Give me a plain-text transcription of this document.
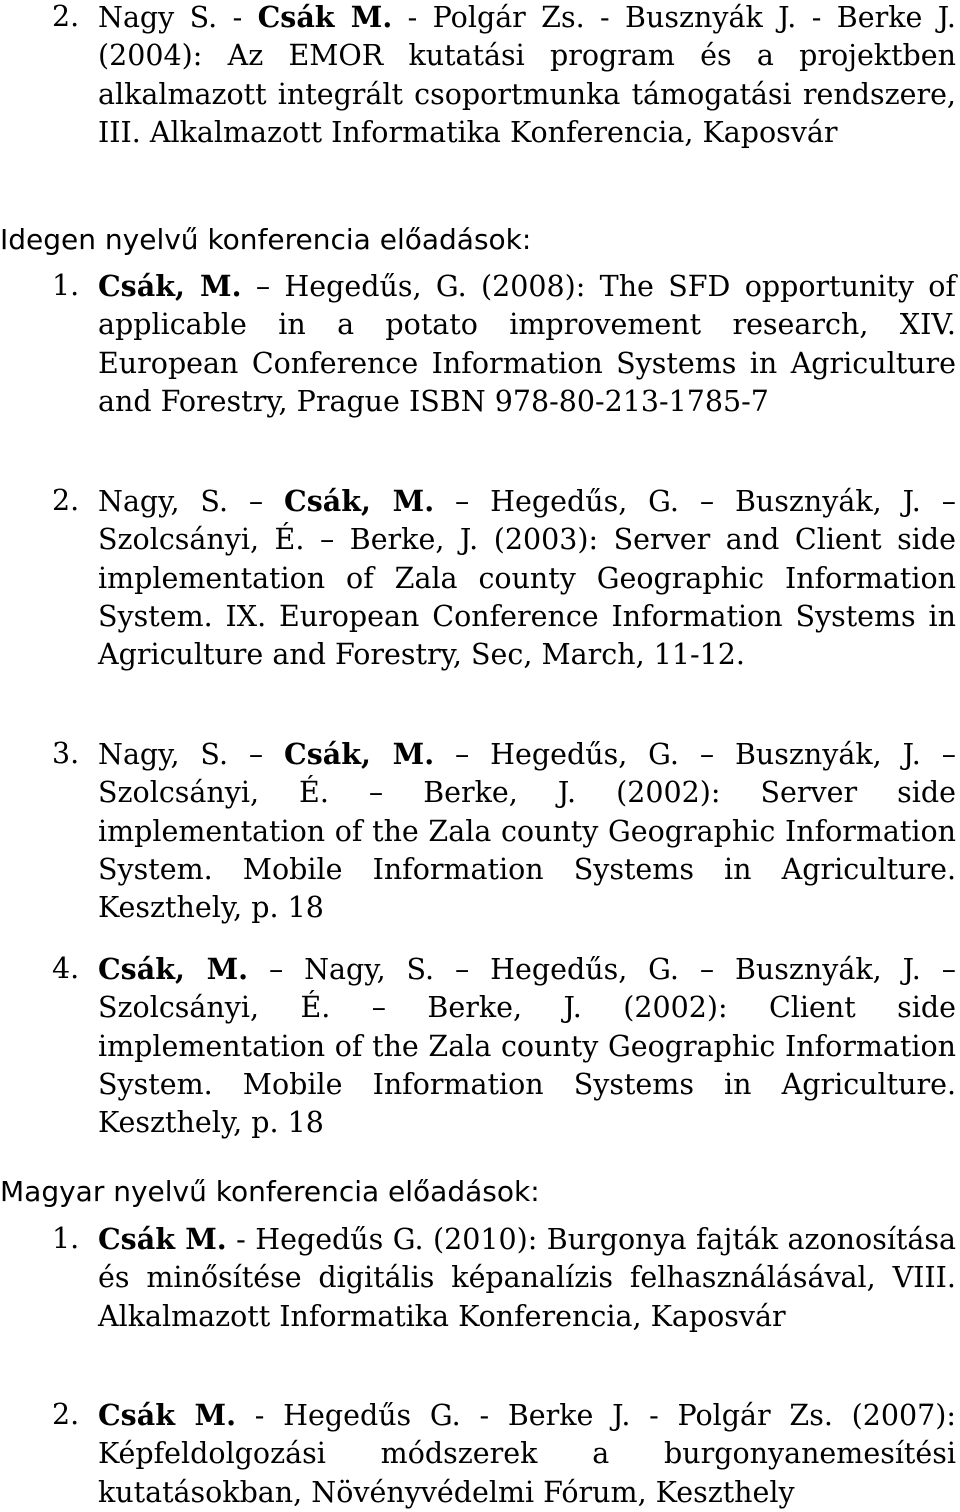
2. Nagy S. - Csák M. - Polgár Zs. - Busznyák J. - Berke J. (2004): Az EMOR kutatási program és a projektben alkalmazott integrált csoportmunka támogatási rendszere, III. Alkalmazott Informatika Konferencia, Kaposvár
Idegen nyelvű konferencia előadások:
1. Csák, M. – Hegedűs, G. (2008): The SFD opportunity of applicable in a potato improvement research, XIV. European Conference Information Systems in Agriculture and Forestry, Prague ISBN 978-80-213-1785-7
2. Nagy, S. – Csák, M. – Hegedűs, G. – Busznyák, J. – Szolcsányi, É. – Berke, J. (2003): Server and Client side implementation of Zala county Geographic Information System. IX. European Conference Information Systems in Agriculture and Forestry, Sec, March, 11-12.
3. Nagy, S. – Csák, M. – Hegedűs, G. – Busznyák, J. – Szolcsányi, É. – Berke, J. (2002): Server side implementation of the Zala county Geographic Information System. Mobile Information Systems in Agriculture. Keszthely, p. 18
4. Csák, M. – Nagy, S. – Hegedűs, G. – Busznyák, J. – Szolcsányi, É. – Berke, J. (2002): Client side implementation of the Zala county Geographic Information System. Mobile Information Systems in Agriculture. Keszthely, p. 18
Magyar nyelvű konferencia előadások:
1. Csák M. - Hegedűs G. (2010): Burgonya fajták azonosítása és minősítése digitális képanalízis felhasználásával, VIII. Alkalmazott Informatika Konferencia, Kaposvár
2. Csák M. - Hegedűs G. - Berke J. - Polgár Zs. (2007): Képfeldolgozási módszerek a burgonyanemesítési kutatásokban, Növényvédelmi Fórum, Keszthely
